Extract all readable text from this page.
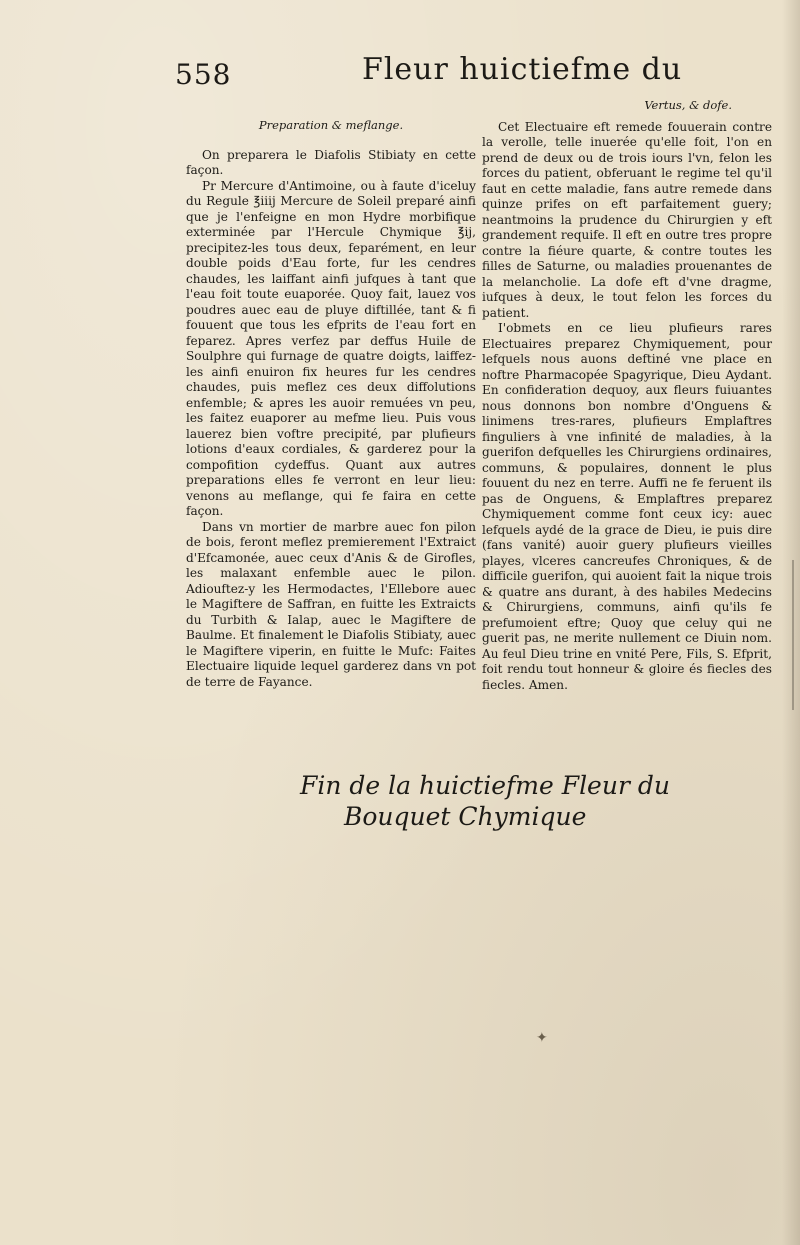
558	Fleur huictiefme du
Preparation & meflange.

On preparera le Diafolis Stibiaty en cette façon.

Pr Mercure d'Antimoine, ou à faute d'iceluy du Regule ℥iiij Mercure de Soleil preparé ainfi que je l'enfeigne en mon Hydre morbifique exterminée par l'Hercule Chymique ℥ij, precipitez-les tous deux, feparément, en leur double poids d'Eau forte, fur les cendres chaudes, les laiffant ainfi jufques à tant que l'eau foit toute euaporée. Quoy fait, lauez vos poudres auec eau de pluye diftillée, tant & fi fouuent que tous les efprits de l'eau fort en feparez. Apres verfez par deffus Huile de Soulphre qui furnage de quatre doigts, laiffez-les ainfi enuiron fix heures fur les cendres chaudes, puis meflez ces deux diffolutions enfemble; & apres les auoir remuées vn peu, les faitez euaporer au mefme lieu. Puis vous lauerez bien voftre precipité, par plufieurs lotions d'eaux cordiales, & garderez pour la compofition cydeffus. Quant aux autres preparations elles fe verront en leur lieu: venons au meflange, qui fe faira en cette façon.

Dans vn mortier de marbre auec fon pilon de bois, feront meflez premierement l'Extraict d'Efcamonée, auec ceux d'Anis & de Girofles, les malaxant enfemble auec le pilon. Adiouftez-y les Hermodactes, l'Ellebore auec le Magiftere de Saffran, en fuitte les Extraicts du Turbith & Ialap, auec le Magiftere de Baulme. Et finalement le Diafolis Stibiaty, auec le Magiftere viperin, en fuitte le Mufc: Faites Electuaire liquide lequel garderez dans vn pot de terre de Fayance.

Vertus, & dofe.

Cet Electuaire eft remede fouuerain contre la verolle, telle inuerée qu'elle foit, l'on en prend de deux ou de trois iours l'vn, felon les forces du patient, obferuant le regime tel qu'il faut en cette maladie, fans autre remede dans quinze prifes on eft parfaitement guery; neantmoins la prudence du Chirurgien y eft grandement requife. Il eft en outre tres propre contre la fiéure quarte, & contre toutes les filles de Saturne, ou maladies prouenantes de la melancholie. La dofe eft d'vne dragme, iufques à deux, le tout felon les forces du patient.

I'obmets en ce lieu plufieurs rares Electuaires preparez Chymiquement, pour lefquels nous auons deftiné vne place en noftre Pharmacopée Spagyrique, Dieu Aydant. En confideration dequoy, aux fleurs fuiuantes nous donnons bon nombre d'Onguens & linimens tres-rares, plufieurs Emplaftres finguliers à vne infinité de maladies, à la guerifon defquelles les Chirurgiens ordinaires, communs, & populaires, donnent le plus fouuent du nez en terre. Auffi ne fe feruent ils pas de Onguens, & Emplaftres preparez Chymiquement comme font ceux icy: auec lefquels aydé de la grace de Dieu, ie puis dire (fans vanité) auoir guery plufieurs vieilles playes, vlceres cancreufes Chroniques, & de difficile guerifon, qui auoient fait la nique trois & quatre ans durant, à des habiles Medecins & Chirurgiens, communs, ainfi qu'ils fe prefumoient eftre; Quoy que celuy qui ne guerit pas, ne merite nullement ce Diuin nom. Au feul Dieu trine en vnité Pere, Fils, S. Efprit, foit rendu tout honneur & gloire és fiecles des fiecles. Amen.

Fin de la huictiefme Fleur du
Bouquet Chymique
✦
